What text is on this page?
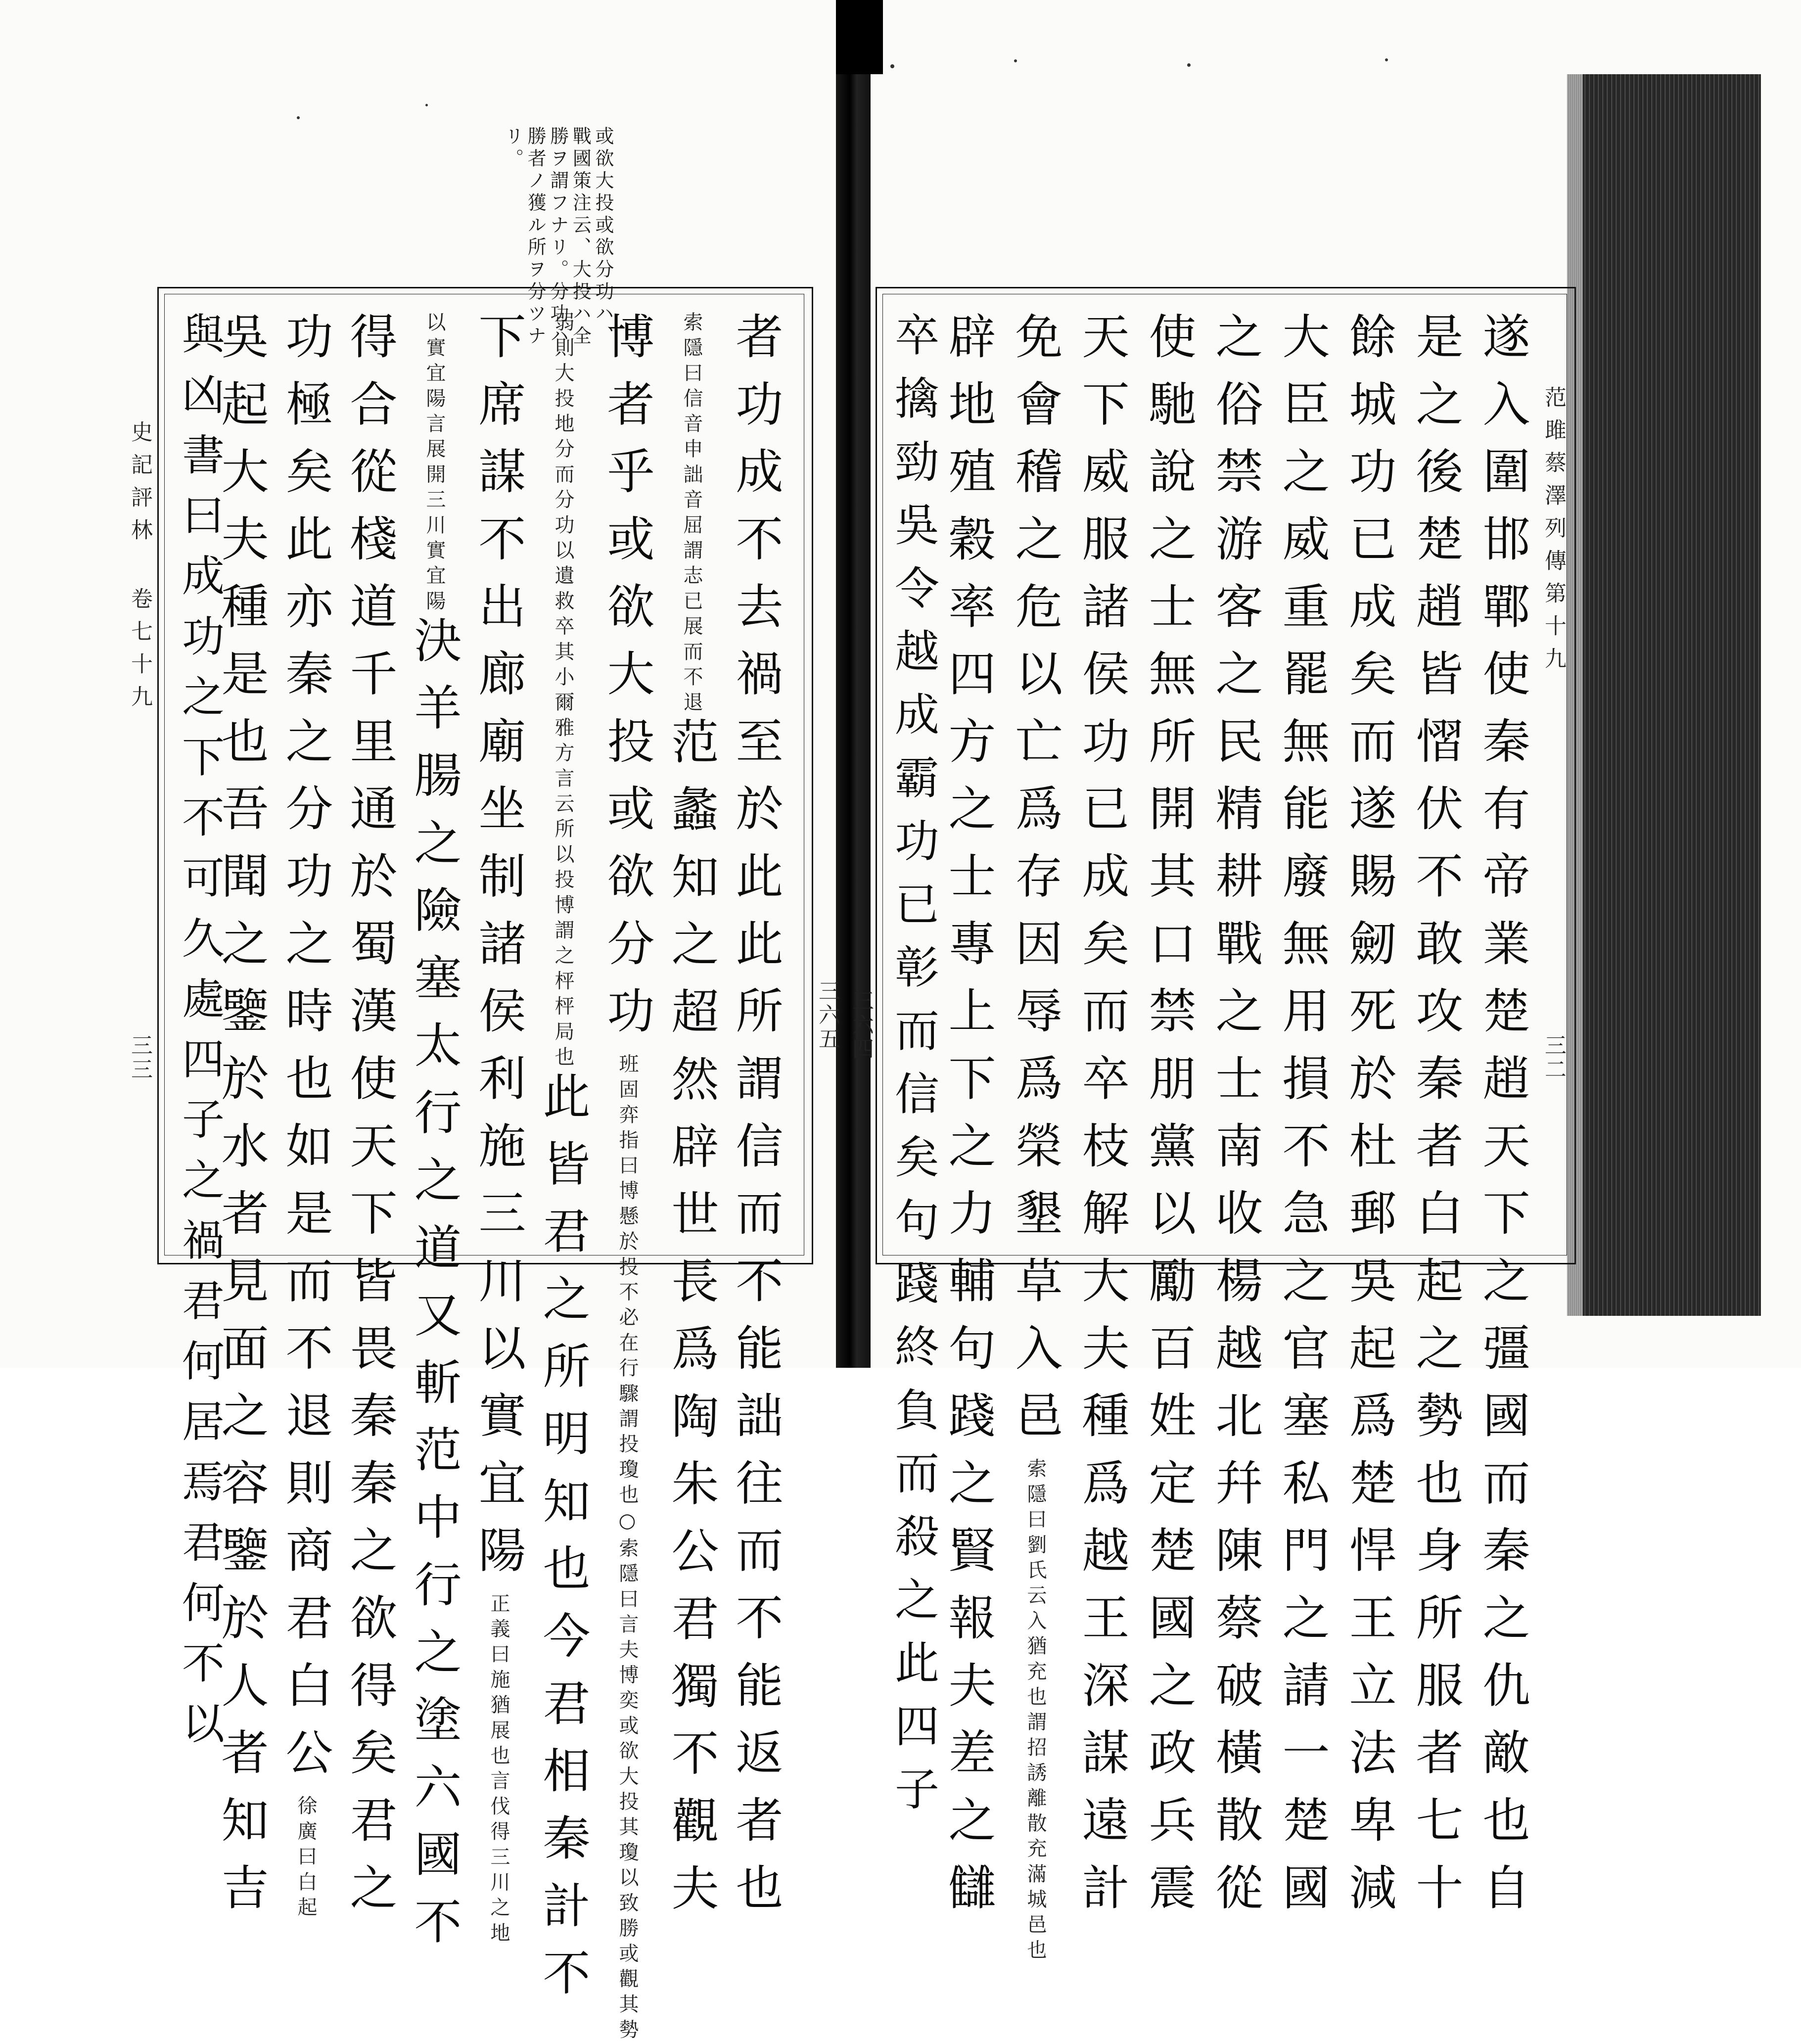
或欲大投或欲分功ハ、
戰國策注云、大投ハ全
勝ヲ謂フナリ。分功ハ
勝者ノ獲ル所ヲ分ツナ
リ。
者功成不去禍至於此此所謂信而不能詘往而不能返者也
索隱曰信音申詘音屈謂志已展而不退范蠡知之超然辟世長爲陶朱公君獨不觀夫
博者乎或欲大投或欲分功班固弈指曰博懸於投不必在行驟謂投瓊也○索隱曰言夫博奕或欲大投其瓊以致勝或觀其勢
弱則大投地分而分功以遺救卒其小爾雅方言云所以投博謂之枰枰局也此皆君之所明知也今君相秦計不
下席謀不出廊廟坐制諸侯利施三川以實宜陽正義曰施猶展也言伐得三川之地
以實宜陽言展開三川實宜陽決羊腸之險塞太行之道又斬范中行之塗六國不
得合從棧道千里通於蜀漢使天下皆畏秦秦之欲得矣君之
功極矣此亦秦之分功之時也如是而不退則商君白公徐廣曰白起
吳起大夫種是也吾聞之鑒於水者見面之容鑒於人者知吉
與凶書曰成功之下不可久處四子之禍君何居焉君何不以
史記評林 卷七十九
三三
三六五
范雎蔡澤列傳第十九
三二
三六四	遂入圍邯鄲使秦有帝業楚趙天下之彊國而秦之仇敵也自
是之後楚趙皆慴伏不敢攻秦者白起之勢也身所服者七十
餘城功已成矣而遂賜劒死於杜郵吳起爲楚悍王立法卑減
大臣之威重罷無能廢無用損不急之官塞私門之請一楚國
之俗禁游客之民精耕戰之士南收楊越北幷陳蔡破橫散從
使馳說之士無所開其口禁朋黨以勵百姓定楚國之政兵震
天下威服諸侯功已成矣而卒枝解大夫種爲越王深謀遠計
免會稽之危以亡爲存因辱爲榮墾草入邑索隱曰劉氏云入猶充也謂招誘離散充滿城邑也
辟地殖穀率四方之士專上下之力輔句踐之賢報夫差之讎
卒擒勁吳令越成霸功已彰而信矣句踐終負而殺之此四子
